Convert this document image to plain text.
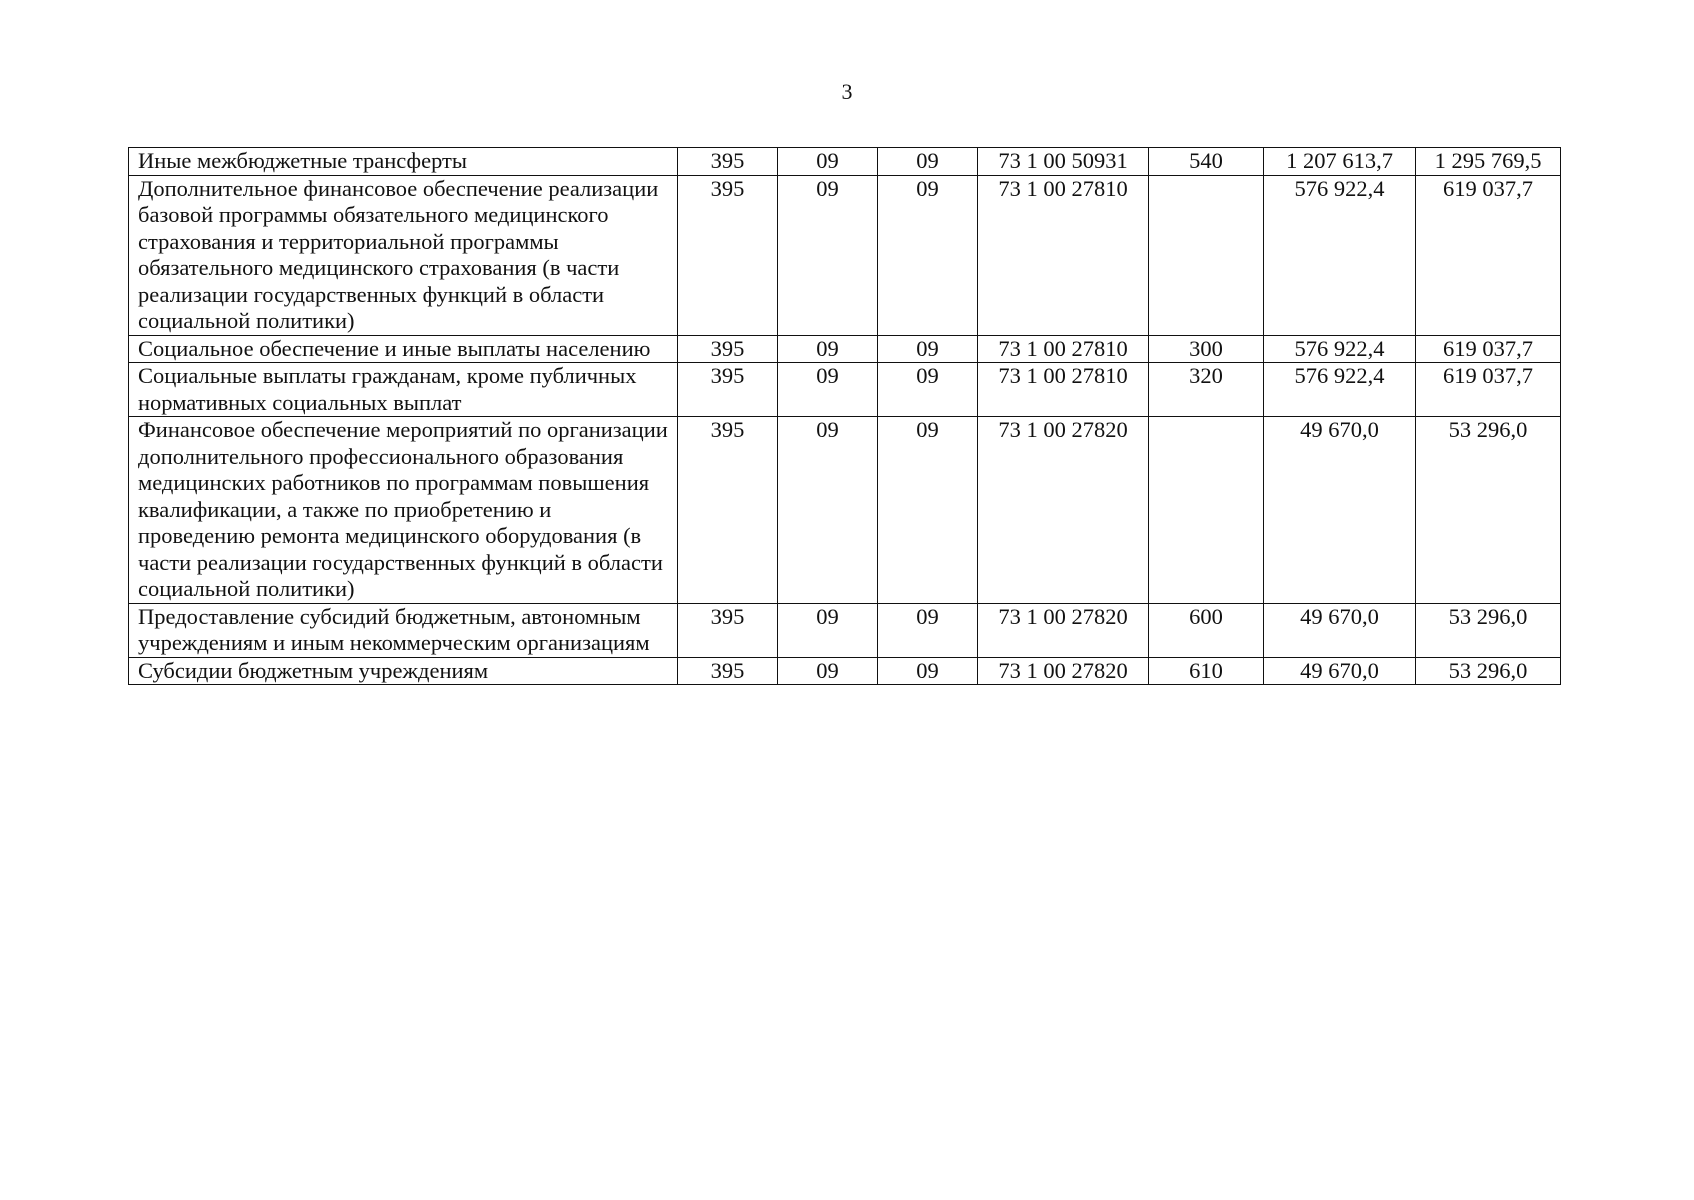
3
Иные межбюджетные трансферты	395	09	09	73 1 00 50931	540	1 207 613,7	1 295 769,5
Дополнительное финансовое обеспечение реализации базовой программы обязательного медицинского страхования и территориальной программы обязательного медицинского страхования (в части реализации государственных функций в области социальной политики)	395	09	09	73 1 00 27810		576 922,4	619 037,7
Социальное обеспечение и иные выплаты населению	395	09	09	73 1 00 27810	300	576 922,4	619 037,7
Социальные выплаты гражданам, кроме публичных нормативных социальных выплат	395	09	09	73 1 00 27810	320	576 922,4	619 037,7
Финансовое обеспечение мероприятий по организации дополнительного профессионального образования медицинских работников по программам повышения квалификации, а также по приобретению и проведению ремонта медицинского оборудования (в части реализации государственных функций в области социальной политики)	395	09	09	73 1 00 27820		49 670,0	53 296,0
Предоставление субсидий бюджетным, автономным учреждениям и иным некоммерческим организациям	395	09	09	73 1 00 27820	600	49 670,0	53 296,0
Субсидии бюджетным учреждениям	395	09	09	73 1 00 27820	610	49 670,0	53 296,0
